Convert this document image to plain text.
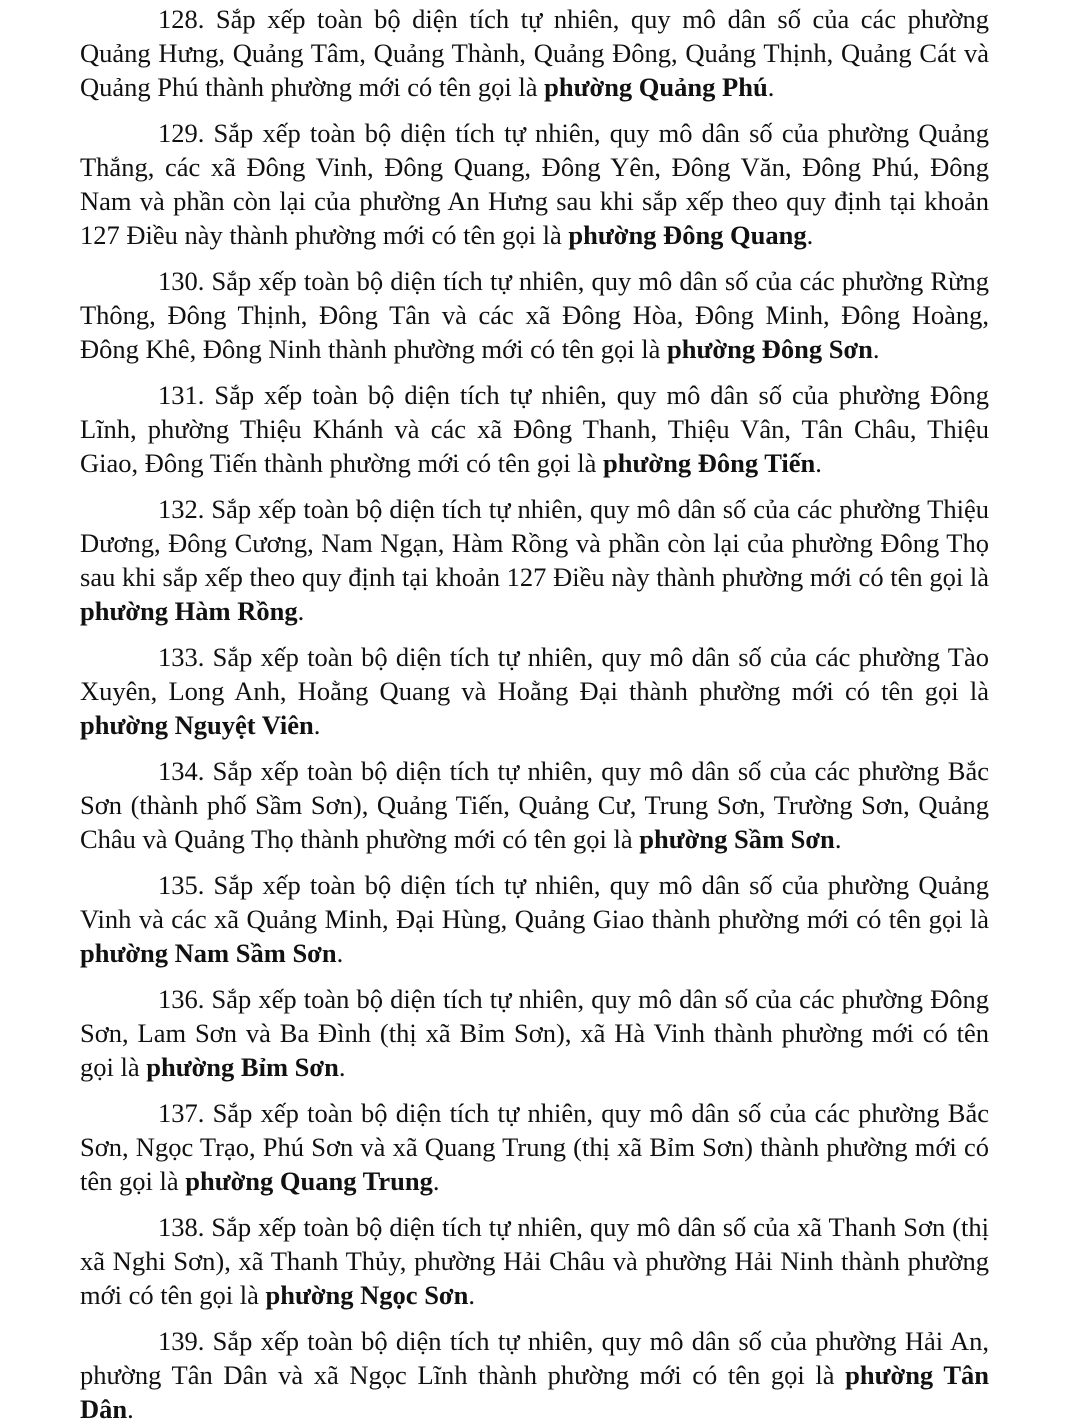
128. Sắp xếp toàn bộ diện tích tự nhiên, quy mô dân số của các phường Quảng Hưng, Quảng Tâm, Quảng Thành, Quảng Đông, Quảng Thịnh, Quảng Cát và Quảng Phú thành phường mới có tên gọi là phường Quảng Phú.

129. Sắp xếp toàn bộ diện tích tự nhiên, quy mô dân số của phường Quảng Thắng, các xã Đông Vinh, Đông Quang, Đông Yên, Đông Văn, Đông Phú, Đông Nam và phần còn lại của phường An Hưng sau khi sắp xếp theo quy định tại khoản 127 Điều này thành phường mới có tên gọi là phường Đông Quang.

130. Sắp xếp toàn bộ diện tích tự nhiên, quy mô dân số của các phường Rừng Thông, Đông Thịnh, Đông Tân và các xã Đông Hòa, Đông Minh, Đông Hoàng, Đông Khê, Đông Ninh thành phường mới có tên gọi là phường Đông Sơn.

131. Sắp xếp toàn bộ diện tích tự nhiên, quy mô dân số của phường Đông Lĩnh, phường Thiệu Khánh và các xã Đông Thanh, Thiệu Vân, Tân Châu, Thiệu Giao, Đông Tiến thành phường mới có tên gọi là phường Đông Tiến.

132. Sắp xếp toàn bộ diện tích tự nhiên, quy mô dân số của các phường Thiệu Dương, Đông Cương, Nam Ngạn, Hàm Rồng và phần còn lại của phường Đông Thọ sau khi sắp xếp theo quy định tại khoản 127 Điều này thành phường mới có tên gọi là phường Hàm Rồng.

133. Sắp xếp toàn bộ diện tích tự nhiên, quy mô dân số của các phường Tào Xuyên, Long Anh, Hoằng Quang và Hoằng Đại thành phường mới có tên gọi là phường Nguyệt Viên.

134. Sắp xếp toàn bộ diện tích tự nhiên, quy mô dân số của các phường Bắc Sơn (thành phố Sầm Sơn), Quảng Tiến, Quảng Cư, Trung Sơn, Trường Sơn, Quảng Châu và Quảng Thọ thành phường mới có tên gọi là phường Sầm Sơn.

135. Sắp xếp toàn bộ diện tích tự nhiên, quy mô dân số của phường Quảng Vinh và các xã Quảng Minh, Đại Hùng, Quảng Giao thành phường mới có tên gọi là phường Nam Sầm Sơn.

136. Sắp xếp toàn bộ diện tích tự nhiên, quy mô dân số của các phường Đông Sơn, Lam Sơn và Ba Đình (thị xã Bỉm Sơn), xã Hà Vinh thành phường mới có tên gọi là phường Bỉm Sơn.

137. Sắp xếp toàn bộ diện tích tự nhiên, quy mô dân số của các phường Bắc Sơn, Ngọc Trạo, Phú Sơn và xã Quang Trung (thị xã Bỉm Sơn) thành phường mới có tên gọi là phường Quang Trung.

138. Sắp xếp toàn bộ diện tích tự nhiên, quy mô dân số của xã Thanh Sơn (thị xã Nghi Sơn), xã Thanh Thủy, phường Hải Châu và phường Hải Ninh thành phường mới có tên gọi là phường Ngọc Sơn.

139. Sắp xếp toàn bộ diện tích tự nhiên, quy mô dân số của phường Hải An, phường Tân Dân và xã Ngọc Lĩnh thành phường mới có tên gọi là phường Tân Dân.
